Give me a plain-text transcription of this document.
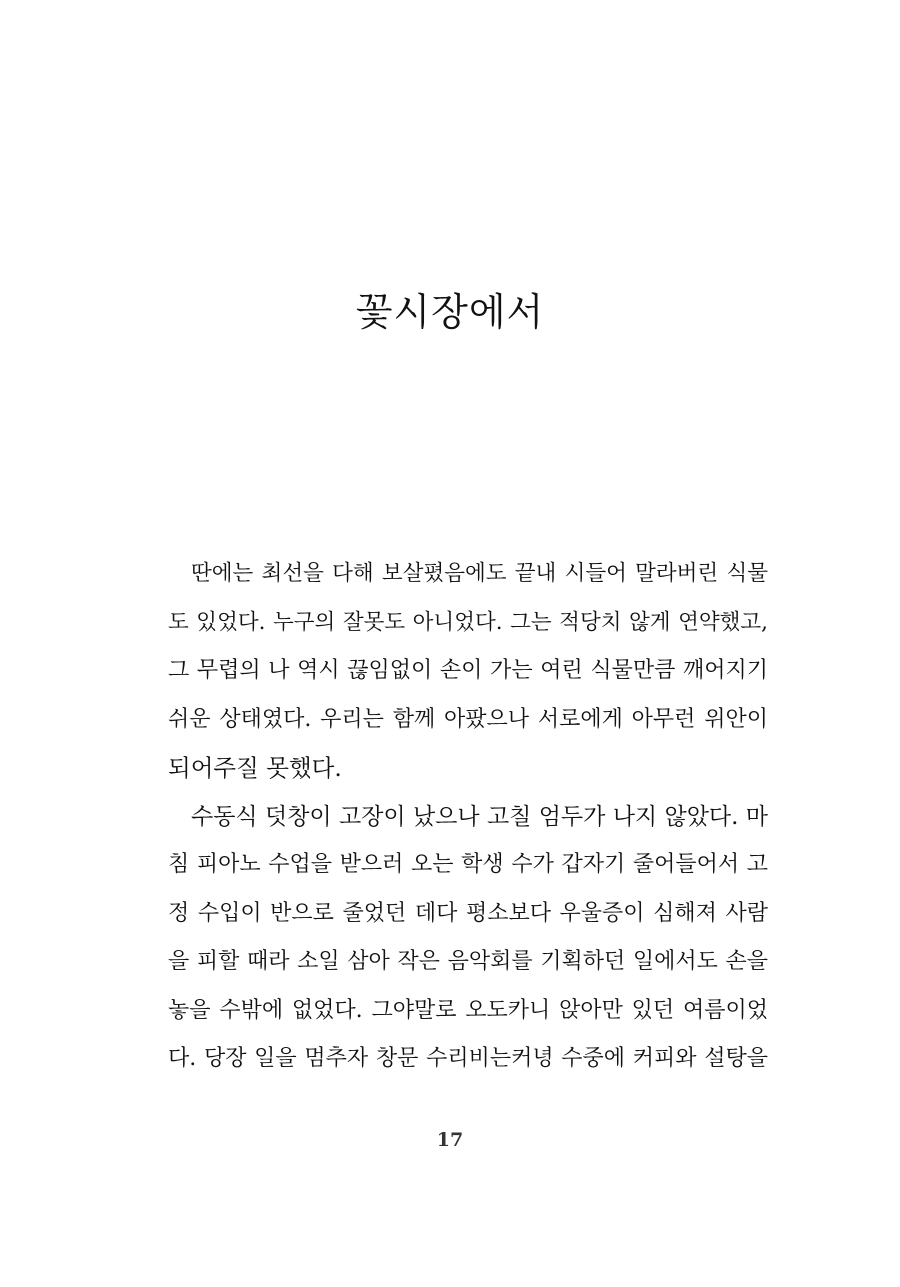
꽃시장에서

딴에는 최선을 다해 보살폈음에도 끝내 시들어 말라버린 식물
도 있었다. 누구의 잘못도 아니었다. 그는 적당치 않게 연약했고,
그 무렵의 나 역시 끊임없이 손이 가는 여린 식물만큼 깨어지기
쉬운 상태였다. 우리는 함께 아팠으나 서로에게 아무런 위안이
되어주질 못했다.

수동식 덧창이 고장이 났으나 고칠 엄두가 나지 않았다. 마
침 피아노 수업을 받으러 오는 학생 수가 갑자기 줄어들어서 고
정 수입이 반으로 줄었던 데다 평소보다 우울증이 심해져 사람
을 피할 때라 소일 삼아 작은 음악회를 기획하던 일에서도 손을
놓을 수밖에 없었다. 그야말로 오도카니 앉아만 있던 여름이었
다. 당장 일을 멈추자 창문 수리비는커녕 수중에 커피와 설탕을

17
